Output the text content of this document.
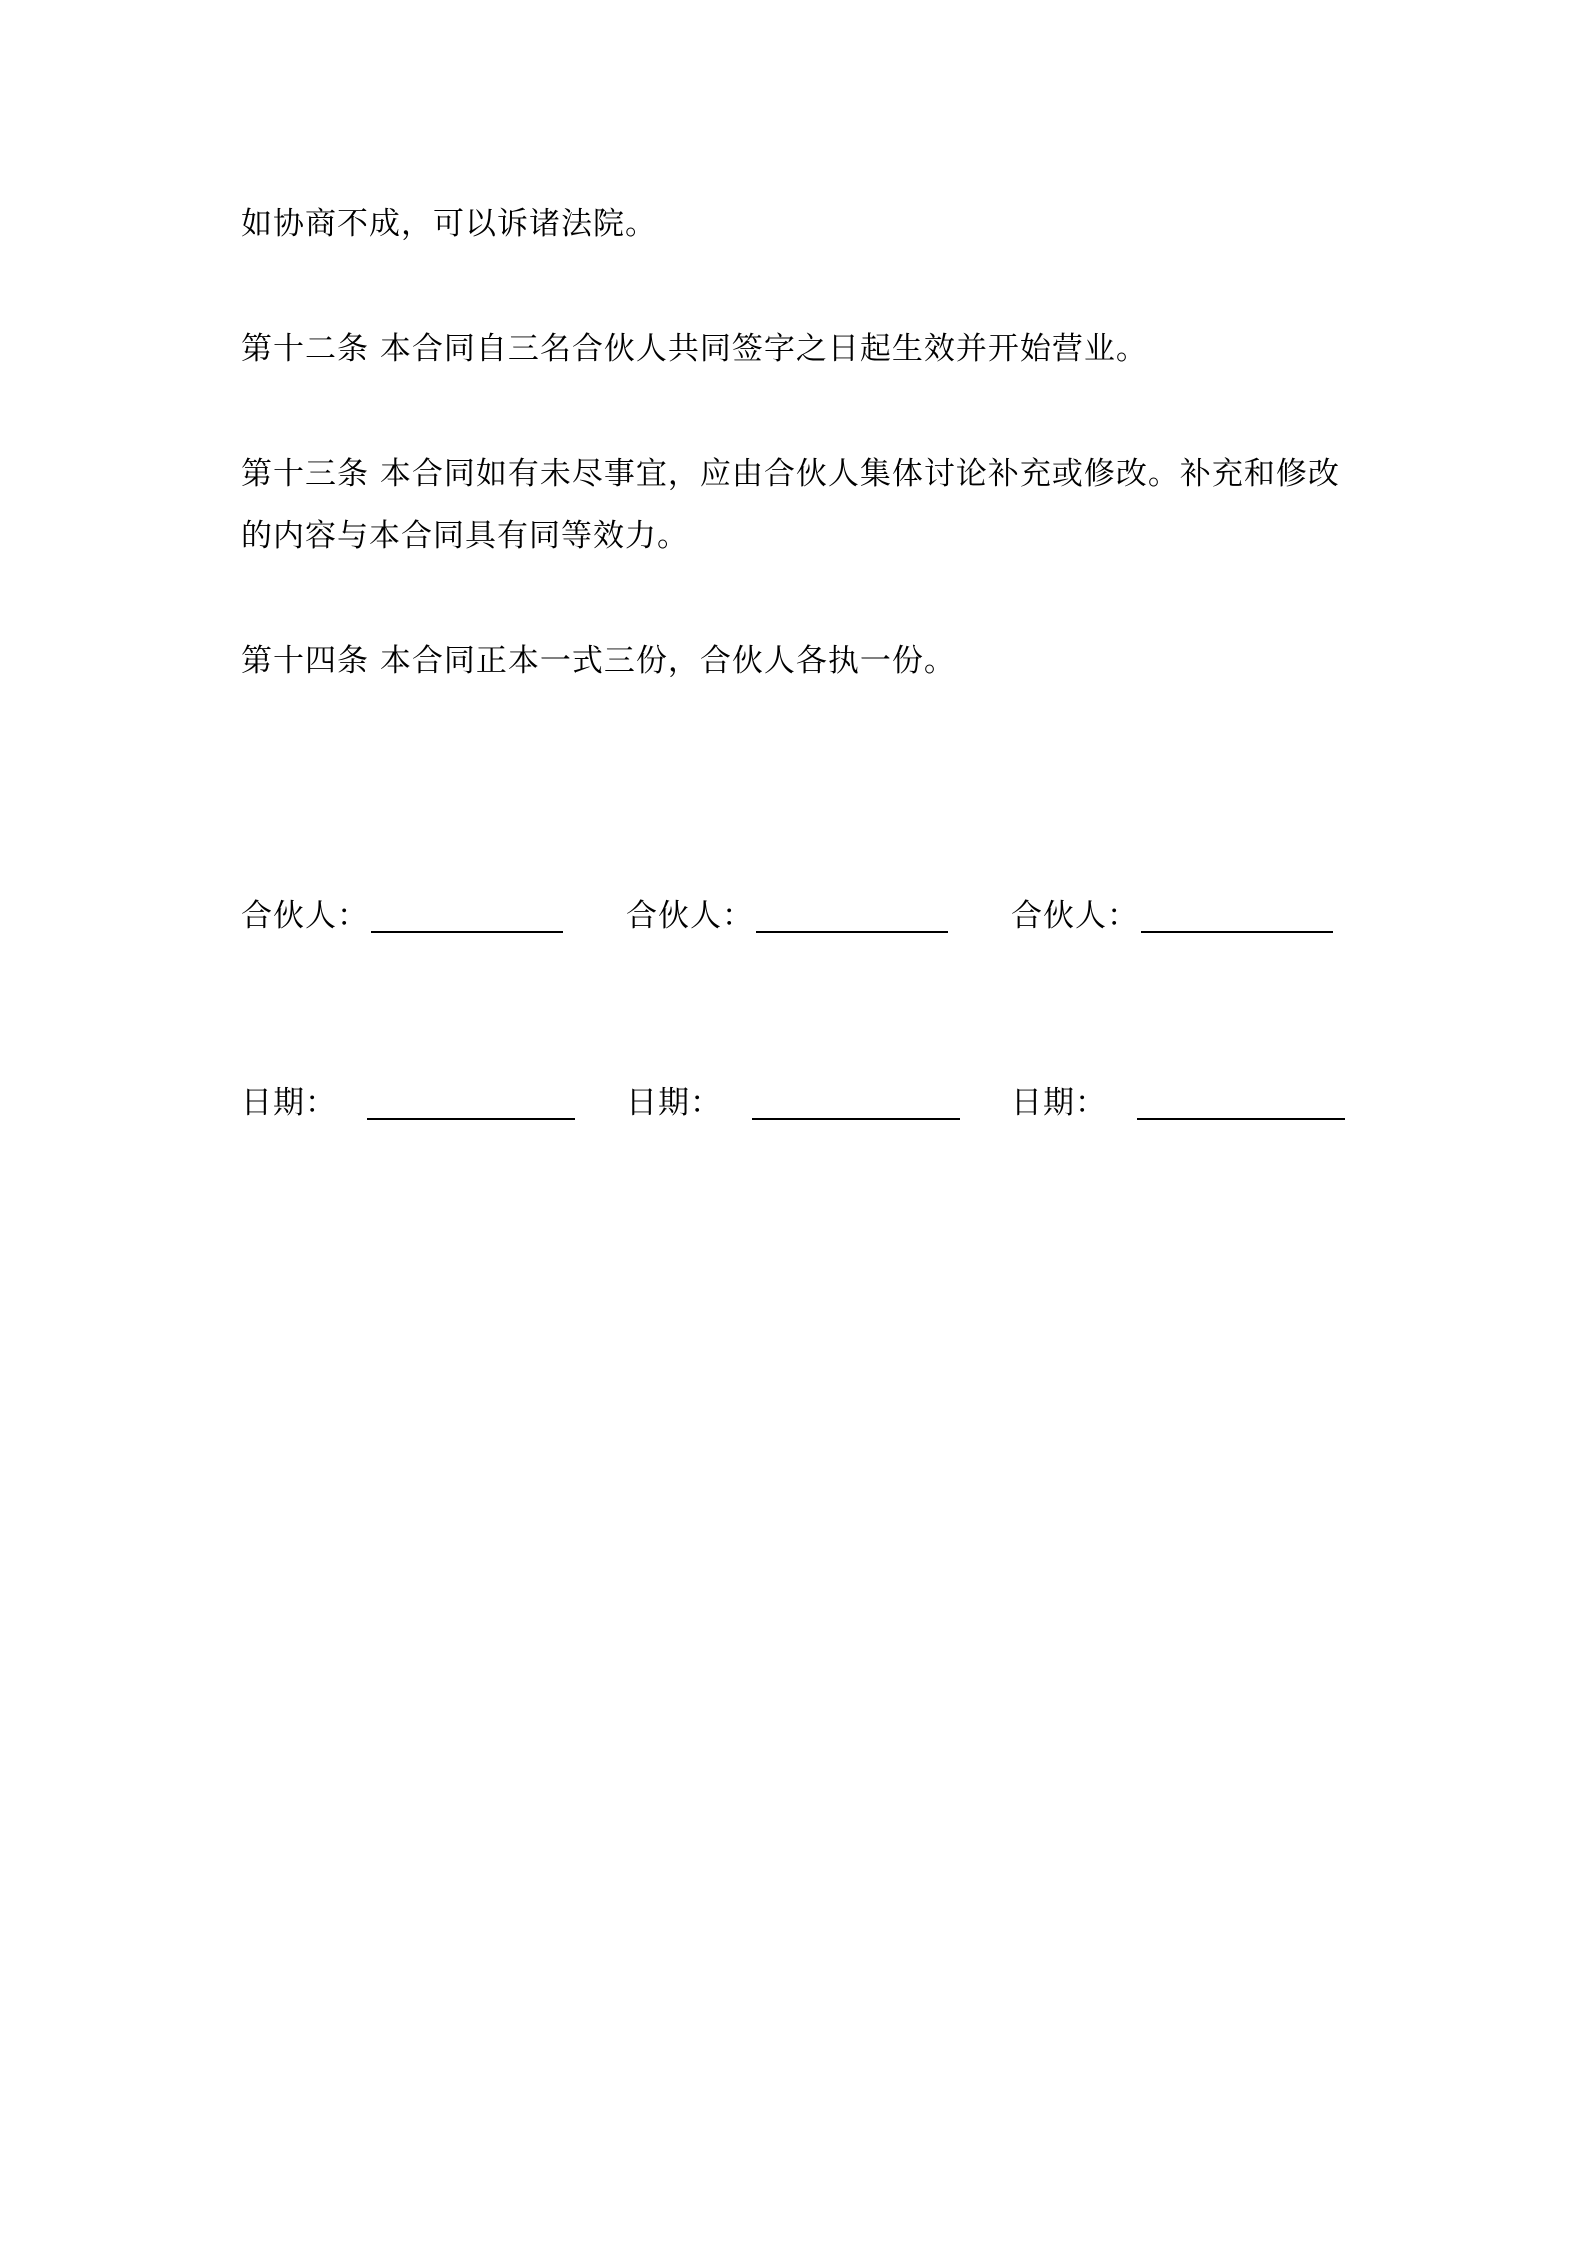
如协商不成，可以诉诸法院。

第十二条 本合同自三名合伙人共同签字之日起生效并开始营业。

第十三条 本合同如有未尽事宜，应由合伙人集体讨论补充或修改。补充和修改的内容与本合同具有同等效力。

第十四条 本合同正本一式三份，合伙人各执一份。

合伙人：	合伙人：	合伙人：
日期：	日期：	日期：
